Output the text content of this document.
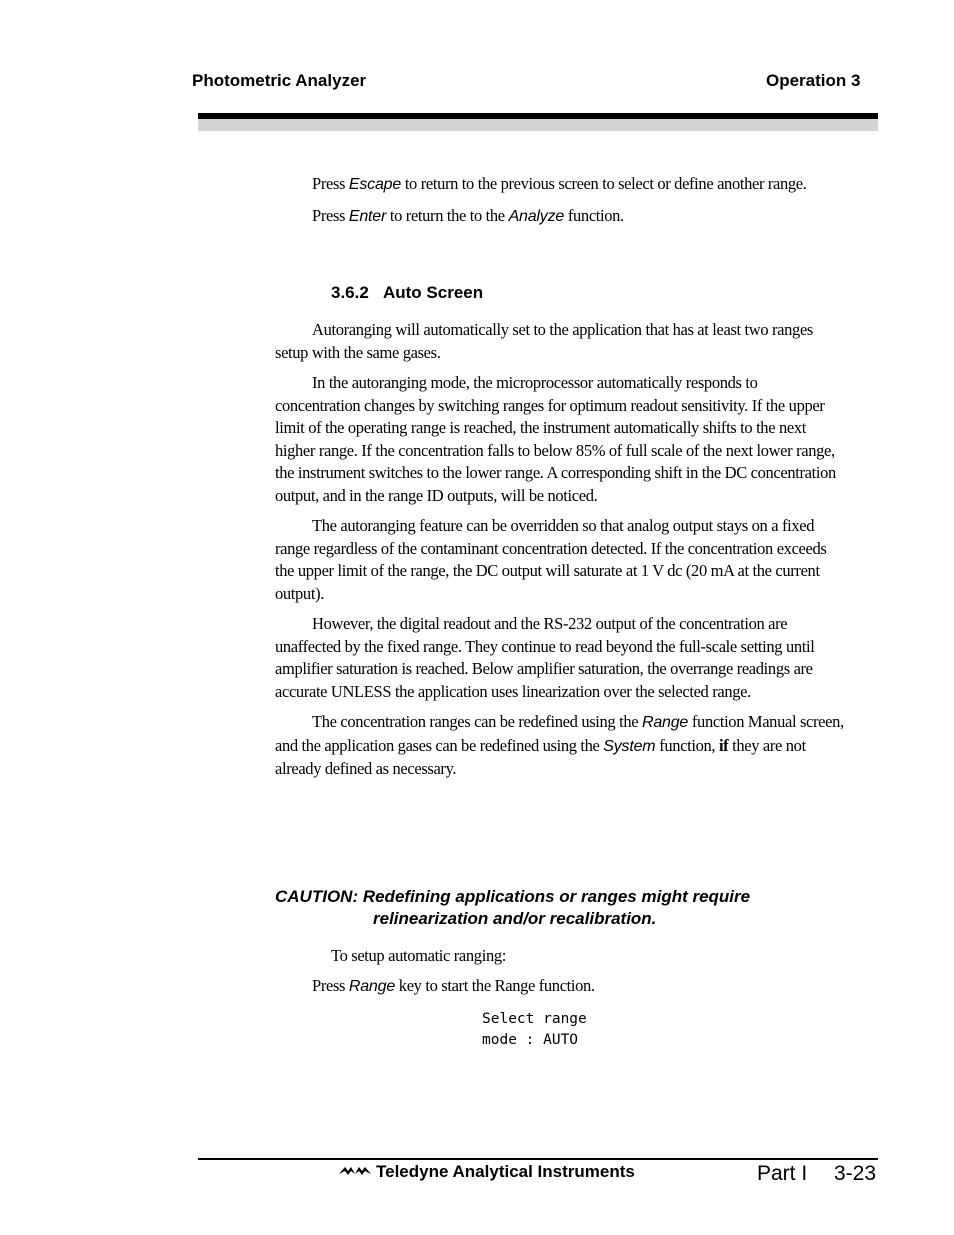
Photometric Analyzer	Operation 3

Press Escape to return to the previous screen to select or define another range.

Press Enter to return the to the Analyze function.

3.6.2 Auto Screen

Autoranging will automatically set to the application that has at least two ranges setup with the same gases.

In the autoranging mode, the microprocessor automatically responds to concentration changes by switching ranges for optimum readout sensitivity. If the upper limit of the operating range is reached, the instrument automatically shifts to the next higher range. If the concentration falls to below 85% of full scale of the next lower range, the instrument switches to the lower range. A corresponding shift in the DC concentration output, and in the range ID outputs, will be noticed.

The autoranging feature can be overridden so that analog output stays on a fixed range regardless of the contaminant concentration detected. If the concentration exceeds the upper limit of the range, the DC output will saturate at 1 V dc (20 mA at the current output).

However, the digital readout and the RS-232 output of the concentration are unaffected by the fixed range. They continue to read beyond the full-scale setting until amplifier saturation is reached. Below amplifier saturation, the overrange readings are accurate UNLESS the application uses linearization over the selected range.

The concentration ranges can be redefined using the Range function Manual screen, and the application gases can be redefined using the System function, if they are not already defined as necessary.

CAUTION: Redefining applications or ranges might require
relinearization and/or recalibration.
To setup automatic ranging:
Press Range key to start the Range function.
Select range
mode : AUTO
Teledyne Analytical Instruments	Part I 3-23
